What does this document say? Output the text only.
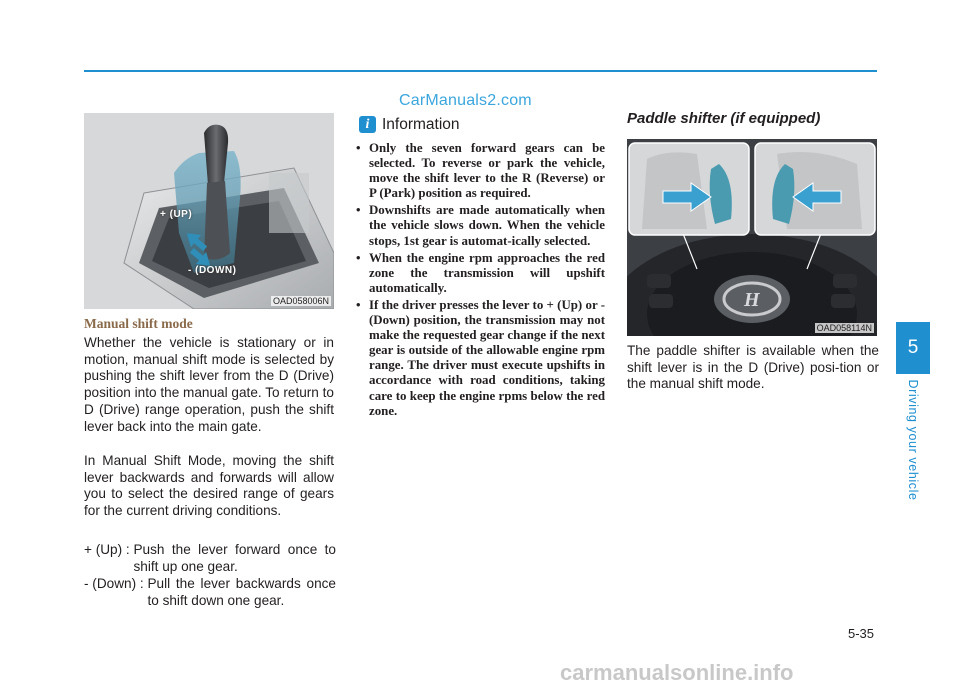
CarManuals2.com
+ (UP)
- (DOWN)
OAD058006N
Manual shift mode
Whether the vehicle is stationary or in motion, manual shift mode is selected by pushing the shift lever from the D (Drive) position into the manual gate. To return to D (Drive) range operation, push the shift lever back into the main gate.
In Manual Shift Mode, moving the shift lever backwards and forwards will allow you to select the desired range of gears for the current driving conditions.
+ (Up) : Push the lever forward once to shift up one gear.
- (Down) : Pull the lever backwards once to shift down one gear.
i Information
• Only the seven forward gears can be selected. To reverse or park the vehicle, move the shift lever to the R (Reverse) or P (Park) position as required.
• Downshifts are made automatically when the vehicle slows down. When the vehicle stops, 1st gear is automat-ically selected.
• When the engine rpm approaches the red zone the transmission will upshift automatically.
• If the driver presses the lever to + (Up) or - (Down) position, the transmission may not make the requested gear change if the next gear is outside of the allowable engine rpm range. The driver must execute upshifts in accordance with road conditions, taking care to keep the engine rpms below the red zone.
Paddle shifter (if equipped)
H
OAD058114N
The paddle shifter is available when the shift lever is in the D (Drive) posi-tion or the manual shift mode.
5
Driving your vehicle
5-35
carmanualsonline.info
